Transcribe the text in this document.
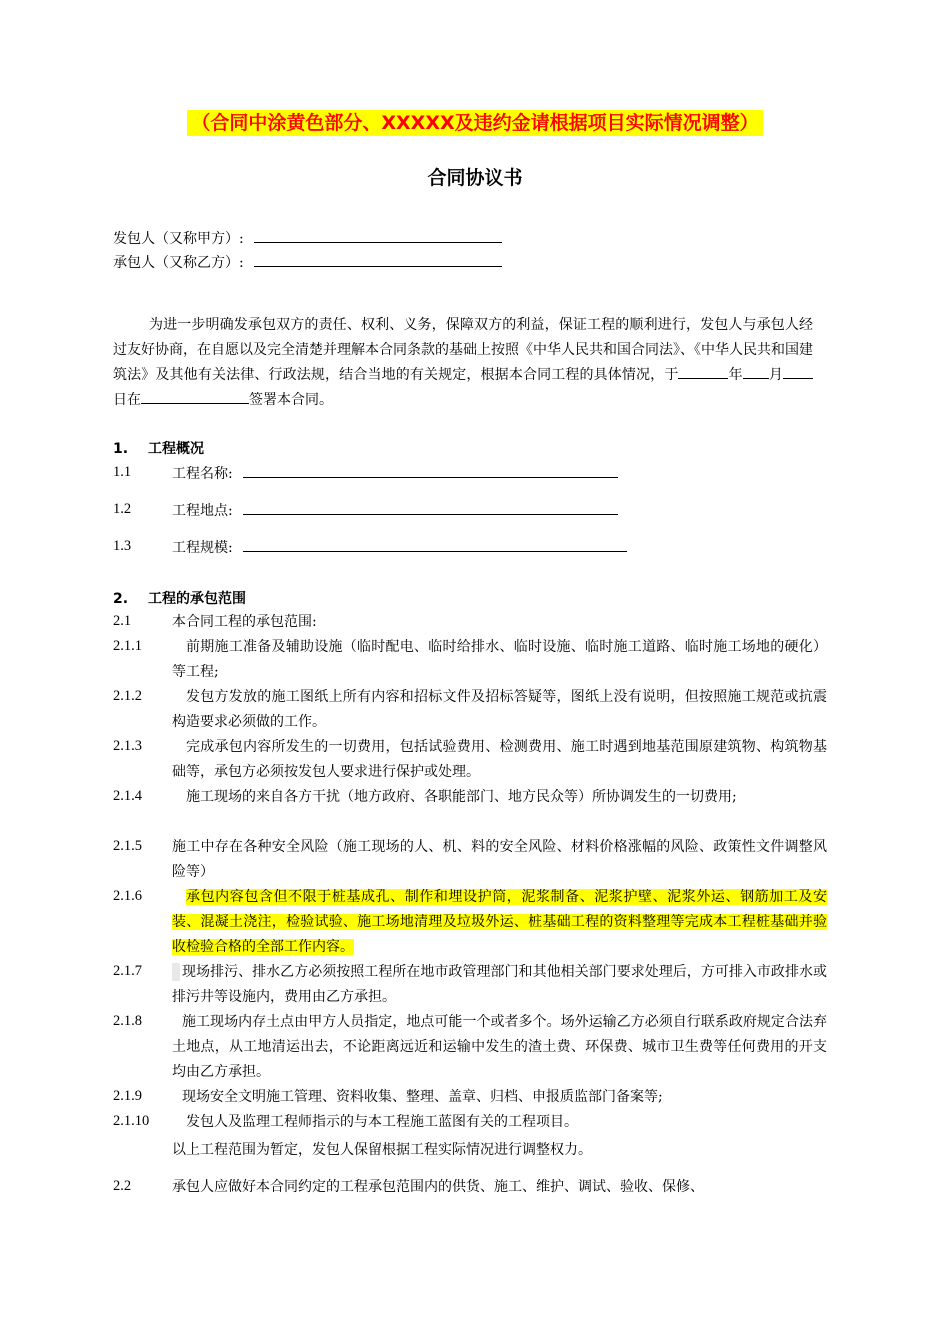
（合同中涂黄色部分、XXXXX及违约金请根据项目实际情况调整）
合同协议书
发包人（又称甲方）:
承包人（又称乙方）:
为进一步明确发承包双方的责任、权利、义务，保障双方的利益，保证工程的顺利进行，发包人与承包人经过友好协商，在自愿以及完全清楚并理解本合同条款的基础上按照《中华人民共和国合同法》、《中华人民共和国建筑法》及其他有关法律、行政法规，结合当地的有关规定，根据本合同工程的具体情况，于	年 月日在	签署本合同。
1. 工程概况
1.1	工程名称:
1.2	工程地点:
1.3	工程规模:
2. 工程的承包范围
2.1	本合同工程的承包范围:
2.1.1	前期施工准备及辅助设施（临时配电、临时给排水、临时设施、临时施工道路、临时施工场地的硬化）等工程;
2.1.2	发包方发放的施工图纸上所有内容和招标文件及招标答疑等，图纸上没有说明，但按照施工规范或抗震构造要求必须做的工作。
2.1.3	完成承包内容所发生的一切费用，包括试验费用、检测费用、施工时遇到地基范围原建筑物、构筑物基础等，承包方必须按发包人要求进行保护或处理。
2.1.4	施工现场的来自各方干扰（地方政府、各职能部门、地方民众等）所协调发生的一切费用;
2.1.5 施工中存在各种安全风险（施工现场的人、机、料的安全风险、材料价格涨幅的风险、政策性文件调整风险等）
2.1.6	承包内容包含但不限于桩基成孔、制作和埋设护筒，泥浆制备、泥浆护壁、泥浆外运、钢筋加工及安装、混凝土浇注，检验试验、施工场地清理及垃圾外运、桩基础工程的资料整理等完成本工程桩基础并验收检验合格的全部工作内容。
2.1.7	现场排污、排水乙方必须按照工程所在地市政管理部门和其他相关部门要求处理后，方可排入市政排水或排污井等设施内，费用由乙方承担。
2.1.8	施工现场内存土点由甲方人员指定，地点可能一个或者多个。场外运输乙方必须自行联系政府规定合法弃土地点，从工地清运出去，不论距离远近和运输中发生的渣土费、环保费、城市卫生费等任何费用的开支均由乙方承担。
2.1.9	现场安全文明施工管理、资料收集、整理、盖章、归档、申报质监部门备案等;
2.1.10	发包人及监理工程师指示的与本工程施工蓝图有关的工程项目。
以上工程范围为暂定，发包人保留根据工程实际情况进行调整权力。
2.2	承包人应做好本合同约定的工程承包范围内的供货、施工、维护、调试、验收、保修、
